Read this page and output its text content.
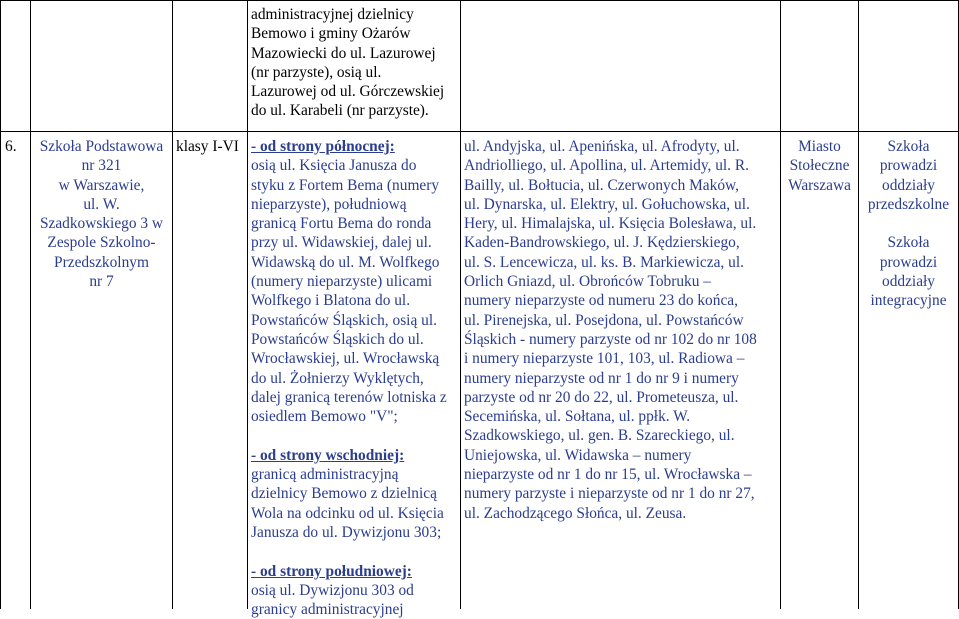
administracyjnej dzielnicy
Bemowo i gminy Ożarów
Mazowiecki do ul. Lazurowej
(nr parzyste), osią ul.
Lazurowej od ul. Górczewskiej
do ul. Karabeli (nr parzyste).
6.	Szkoła Podstawowa
nr 321
w Warszawie,
ul. W.
Szadkowskiego 3 w
Zespole Szkolno-
Przedszkolnym
nr 7
klasy I-VI - od strony północnej:
osią ul. Księcia Janusza do
styku z Fortem Bema (numery
nieparzyste), południową
granicą Fortu Bema do ronda
przy ul. Widawskiej, dalej ul.
Widawską do ul. M. Wolfkego
(numery nieparzyste) ulicami
Wolfkego i Blatona do ul.
Powstańców Śląskich, osią ul.
Powstańców Śląskich do ul.
Wrocławskiej, ul. Wrocławską
do ul. Żołnierzy Wyklętych,
dalej granicą terenów lotniska z
osiedlem Bemowo "V";

- od strony wschodniej:
granicą administracyjną
dzielnicy Bemowo z dzielnicą
Wola na odcinku od ul. Księcia
Janusza do ul. Dywizjonu 303;

- od strony południowej:
osią ul. Dywizjonu 303 od
granicy administracyjnej
ul. Andyjska, ul. Apenińska, ul. Afrodyty, ul.
Andriolliego, ul. Apollina, ul. Artemidy, ul. R.
Bailly, ul. Bołtucia, ul. Czerwonych Maków,
ul. Dynarska, ul. Elektry, ul. Gołuchowska, ul.
Hery, ul. Himalajska, ul. Księcia Bolesława, ul.
Kaden-Bandrowskiego, ul. J. Kędzierskiego,
ul. S. Lencewicza, ul. ks. B. Markiewicza, ul.
Orlich Gniazd, ul. Obrońców Tobruku –
numery nieparzyste od numeru 23 do końca,
ul. Pirenejska, ul. Posejdona, ul. Powstańców
Śląskich - numery parzyste od nr 102 do nr 108
i numery nieparzyste 101, 103, ul. Radiowa –
numery nieparzyste od nr 1 do nr 9 i numery
parzyste od nr 20 do 22, ul. Prometeusza, ul.
Secemińska, ul. Sołtana, ul. ppłk. W.
Szadkowskiego, ul. gen. B. Szareckiego, ul.
Uniejowska, ul. Widawska – numery
nieparzyste od nr 1 do nr 15, ul. Wrocławska –
numery parzyste i nieparzyste od nr 1 do nr 27,
ul. Zachodzącego Słońca, ul. Zeusa.
Miasto
Stołeczne
Warszawa
Szkoła
prowadzi
oddziały
przedszkolne

Szkoła
prowadzi
oddziały
integracyjne
